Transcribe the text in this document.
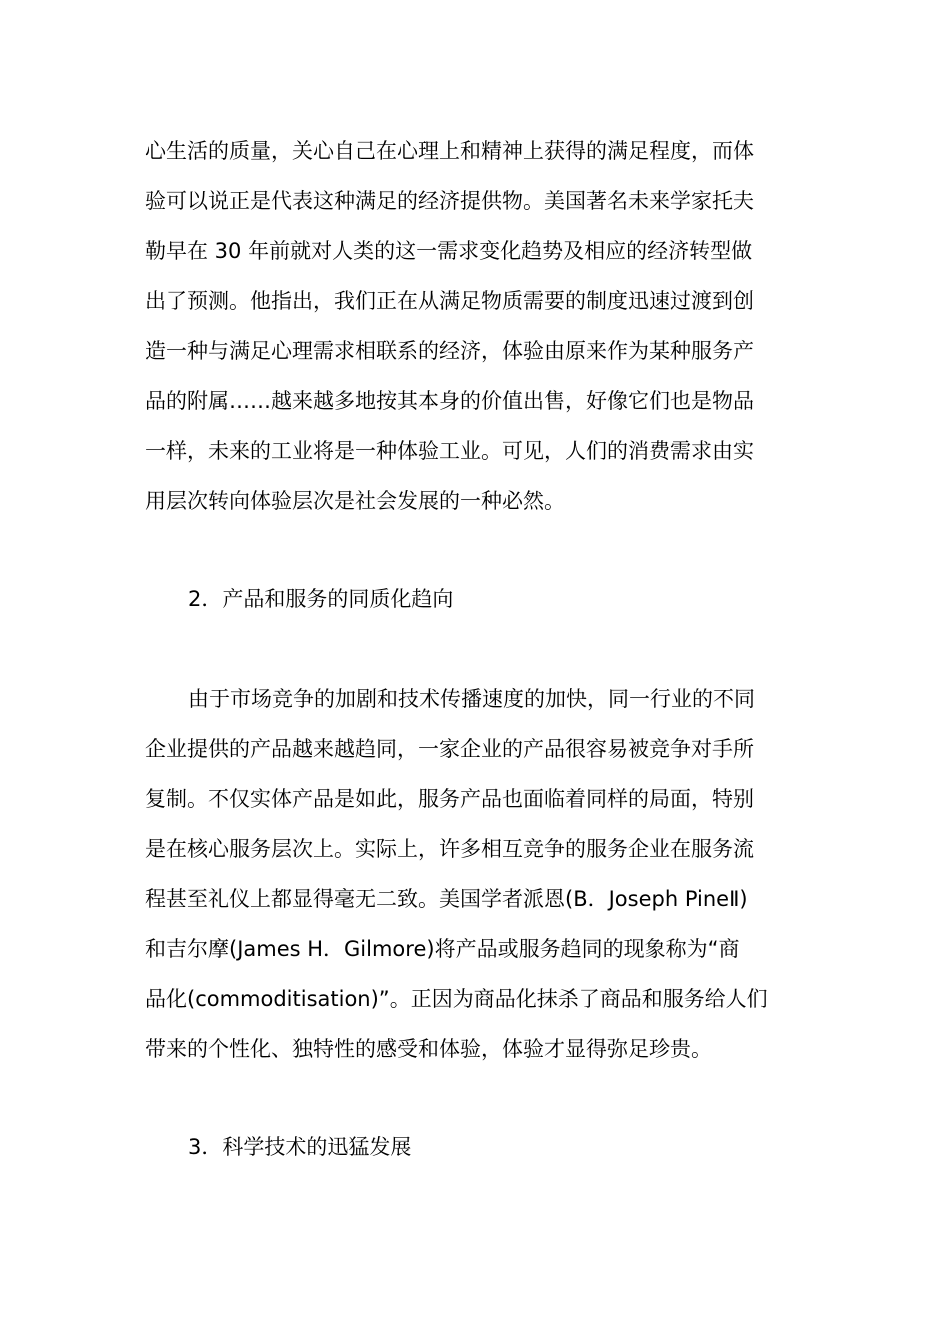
心生活的质量，关心自己在心理上和精神上获得的满足程度，而体

验可以说正是代表这种满足的经济提供物。美国著名未来学家托夫

勒早在 30 年前就对人类的这一需求变化趋势及相应的经济转型做

出了预测。他指出，我们正在从满足物质需要的制度迅速过渡到创

造一种与满足心理需求相联系的经济，体验由原来作为某种服务产

品的附属……越来越多地按其本身的价值出售，好像它们也是物品

一样，未来的工业将是一种体验工业。可见，人们的消费需求由实

用层次转向体验层次是社会发展的一种必然。

2．产品和服务的同质化趋向

由于市场竞争的加剧和技术传播速度的加快，同一行业的不同

企业提供的产品越来越趋同，一家企业的产品很容易被竞争对手所

复制。不仅实体产品是如此，服务产品也面临着同样的局面，特别

是在核心服务层次上。实际上，许多相互竞争的服务企业在服务流

程甚至礼仪上都显得毫无二致。美国学者派恩(B．Joseph PineⅡ)

和吉尔摩(James H．Gilmore)将产品或服务趋同的现象称为“商

品化(commoditisation)”。正因为商品化抹杀了商品和服务给人们

带来的个性化、独特性的感受和体验，体验才显得弥足珍贵。

3．科学技术的迅猛发展
